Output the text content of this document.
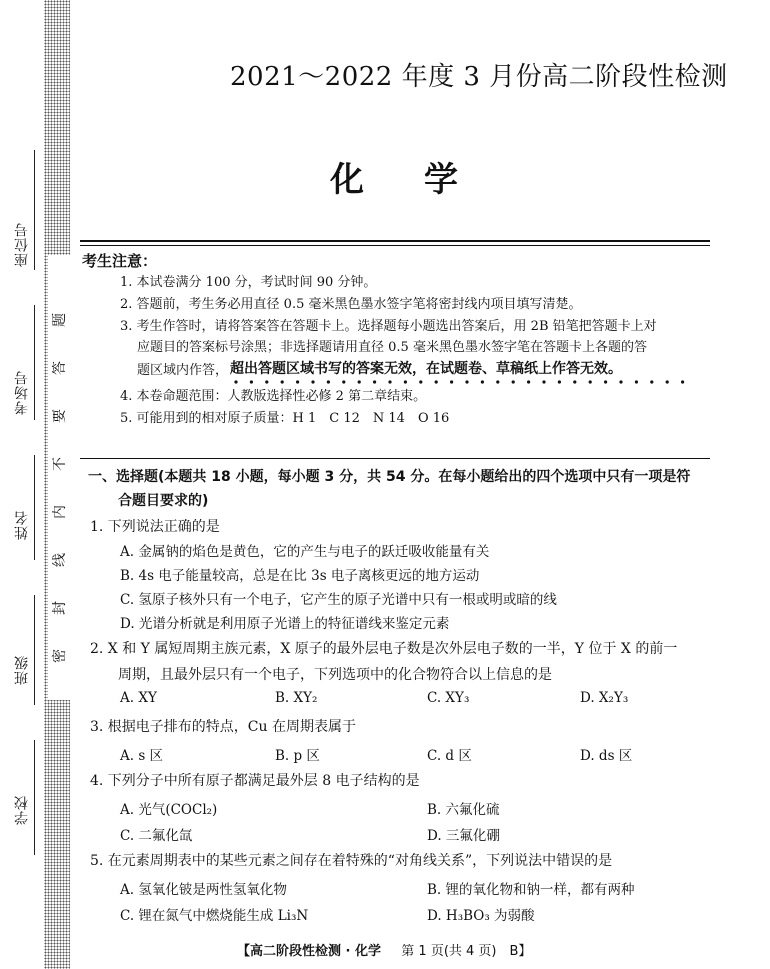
座位号
考场号
姓名
班级
学校
题
答
要
不
内
线
封
密
2021～2022 年度 3 月份高二阶段性检测
化学
考生注意：
1. 本试卷满分 100 分，考试时间 90 分钟。
2. 答题前，考生务必用直径 0.5 毫米黑色墨水签字笔将密封线内项目填写清楚。
3. 考生作答时，请将答案答在答题卡上。选择题每小题选出答案后，用 2B 铅笔把答题卡上对
应题目的答案标号涂黑；非选择题请用直径 0.5 毫米黑色墨水签字笔在答题卡上各题的答
题区域内作答， 超出答题区域书写的答案无效，在试题卷、草稿纸上作答无效。
4. 本卷命题范围：人教版选择性必修 2 第二章结束。
5. 可能用到的相对原子质量：H 1　C 12　N 14　O 16
一、选择题(本题共 18 小题，每小题 3 分，共 54 分。在每小题给出的四个选项中只有一项是符
合题目要求的)
1. 下列说法正确的是
A. 金属钠的焰色是黄色，它的产生与电子的跃迁吸收能量有关
B. 4s 电子能量较高，总是在比 3s 电子离核更远的地方运动
C. 氢原子核外只有一个电子，它产生的原子光谱中只有一根或明或暗的线
D. 光谱分析就是利用原子光谱上的特征谱线来鉴定元素
2. X 和 Y 属短周期主族元素，X 原子的最外层电子数是次外层电子数的一半，Y 位于 X 的前一
周期，且最外层只有一个电子，下列选项中的化合物符合以上信息的是
A. XY	B. XY₂	C. XY₃	D. X₂Y₃
3. 根据电子排布的特点，Cu 在周期表属于
A. s 区	B. p 区	C. d 区	D. ds 区
4. 下列分子中所有原子都满足最外层 8 电子结构的是
A. 光气(COCl₂)	B. 六氟化硫
C. 二氟化氙	D. 三氟化硼
5. 在元素周期表中的某些元素之间存在着特殊的“对角线关系”，下列说法中错误的是
A. 氢氧化铍是两性氢氧化物	B. 锂的氧化物和钠一样，都有两种
C. 锂在氮气中燃烧能生成 Li₃N	D. H₃BO₃ 为弱酸
【高二阶段性检测 · 化学 第 1 页(共 4 页)　B】
